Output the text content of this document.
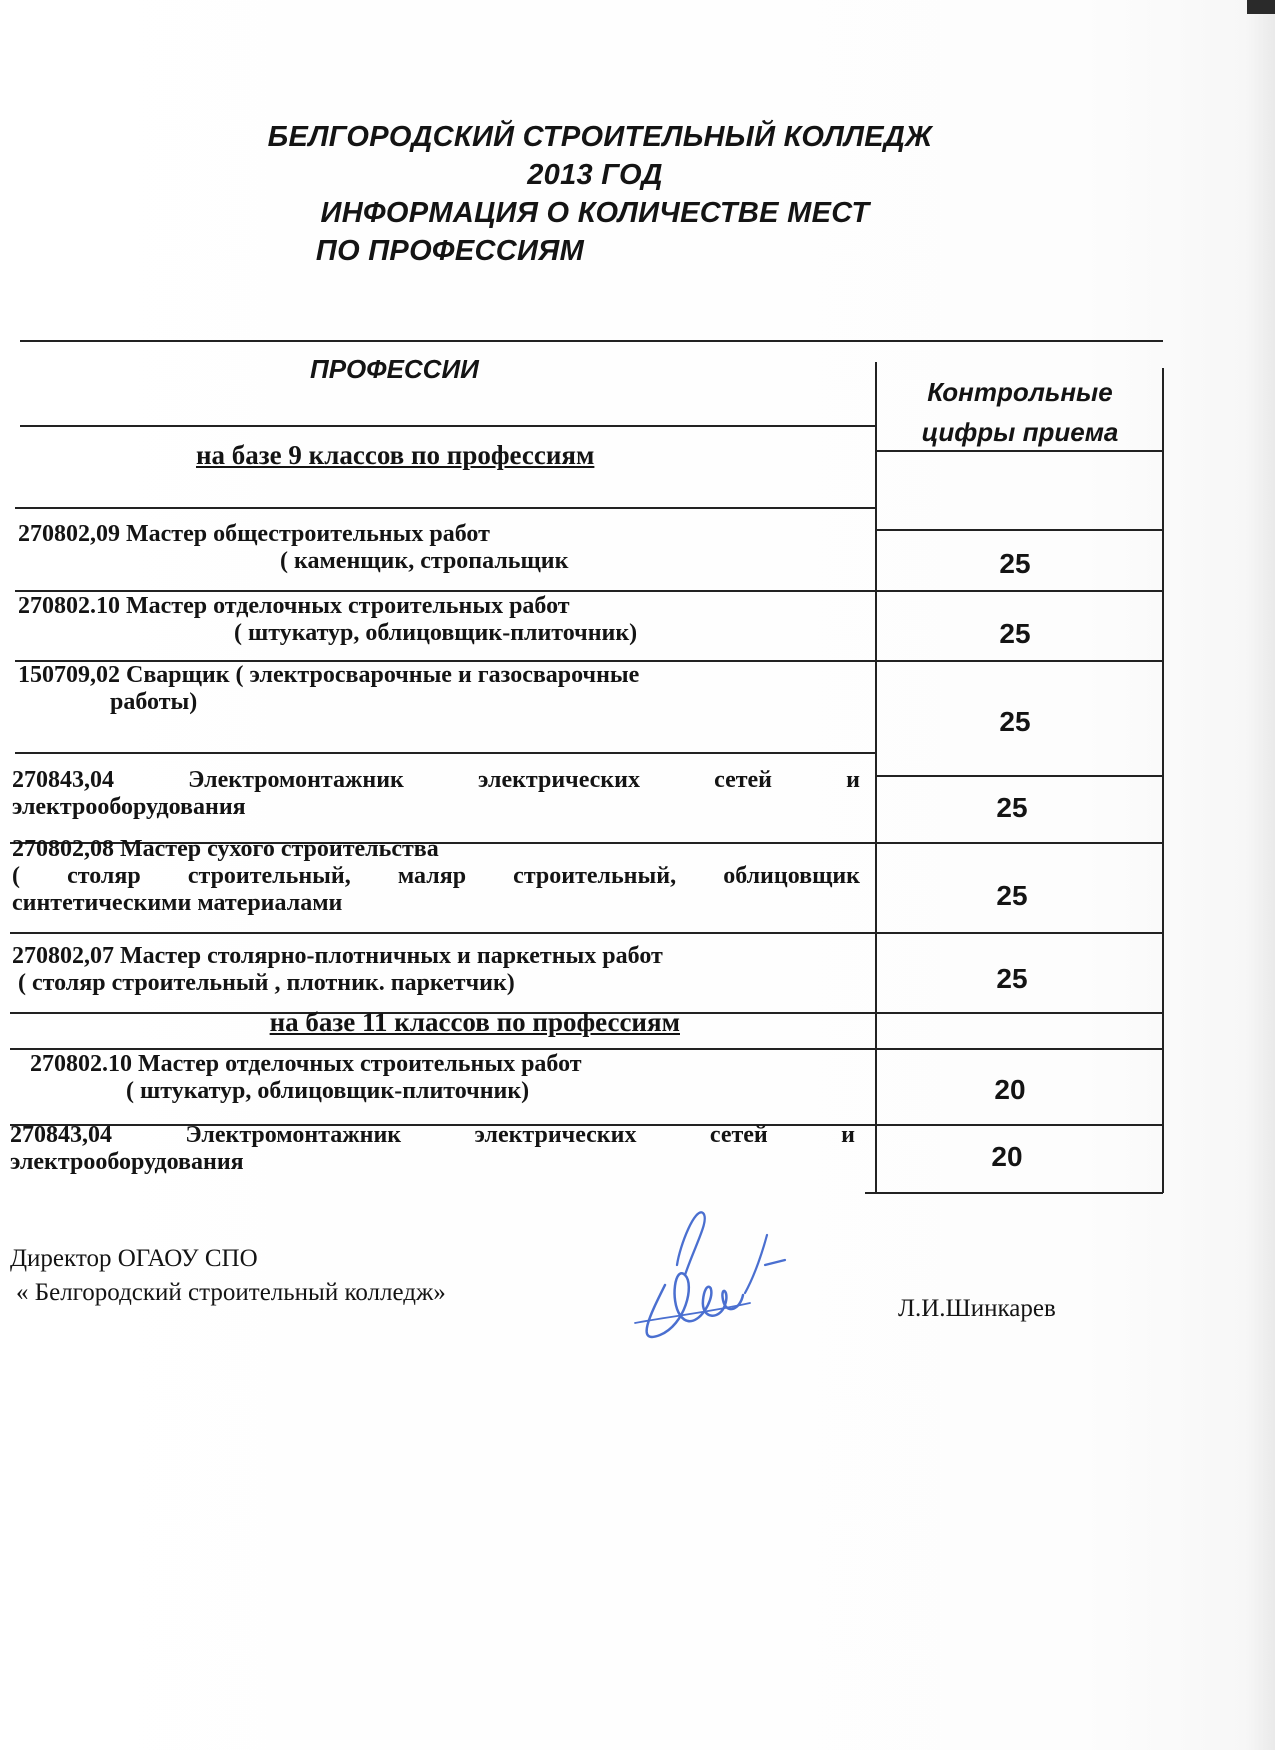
БЕЛГОРОДСКИЙ СТРОИТЕЛЬНЫЙ КОЛЛЕДЖ
2013 ГОД
ИНФОРМАЦИЯ О КОЛИЧЕСТВЕ МЕСТ
ПО ПРОФЕССИЯМ
ПРОФЕССИИ
Контрольные
цифры приема
на базе 9 классов по профессиям
270802,09 Мастер общестроительных работ
( каменщик, стропальщик	25
270802.10 Мастер отделочных строительных работ
( штукатур, облицовщик-плиточник)	25
150709,02 Сварщик ( электросварочные и газосварочные
работы)
25
270843,04 Электромонтажник электрических сетей и
электрооборудования	25
270802,08 Мастер сухого строительства
( столяр строительный, маляр строительный, облицовщик
синтетическими материалами	25
270802,07 Мастер столярно-плотничных и паркетных работ
( столяр строительный , плотник. паркетчик)	25
на базе 11 классов по профессиям
270802.10 Мастер отделочных строительных работ
( штукатур, облицовщик-плиточник)	20
270843,04 Электромонтажник электрических сетей и
электрооборудования	20
Директор ОГАОУ СПО
« Белгородский строительный колледж»
Л.И.Шинкарев
